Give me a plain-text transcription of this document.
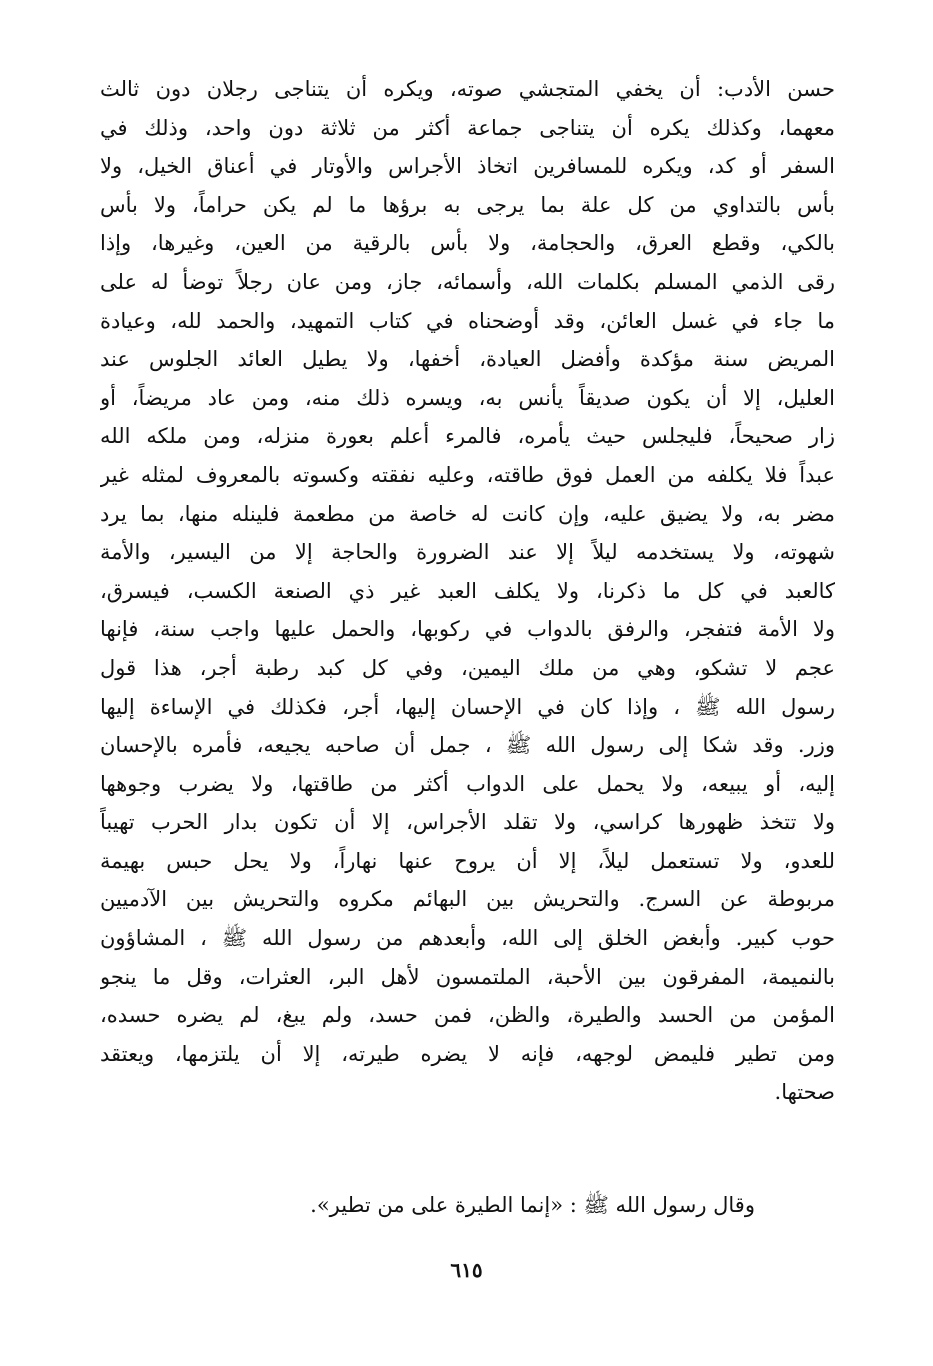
حسن الأدب: أن يخفي المتجشي صوته، ويكره أن يتناجى رجلان دون ثالث
معهما، وكذلك يكره أن يتناجى جماعة أكثر من ثلاثة دون واحد، وذلك في
السفر أو كد، ويكره للمسافرين اتخاذ الأجراس والأوتار في أعناق الخيل، ولا
بأس بالتداوي من كل علة بما يرجى به برؤها ما لم يكن حراماً، ولا بأس
بالكي، وقطع العرق، والحجامة، ولا بأس بالرقية من العين، وغيرها، وإذا
رقى الذمي المسلم بكلمات الله، وأسمائه، جاز، ومن عان رجلاً توضأ له على
ما جاء في غسل العائن، وقد أوضحناه في كتاب التمهيد، والحمد لله، وعيادة
المريض سنة مؤكدة وأفضل العيادة، أخفها، ولا يطيل العائد الجلوس عند
العليل، إلا أن يكون صديقاً يأنس به، ويسره ذلك منه، ومن عاد مريضاً، أو
زار صحيحاً، فليجلس حيث يأمره، فالمرء أعلم بعورة منزله، ومن ملكه الله
عبداً فلا يكلفه من العمل فوق طاقته، وعليه نفقته وكسوته بالمعروف لمثله غير
مضر به، ولا يضيق عليه، وإن كانت له خاصة من مطعمة فلينله منها، بما يرد
شهوته، ولا يستخدمه ليلاً إلا عند الضرورة والحاجة إلا من اليسير، والأمة
كالعبد في كل ما ذكرنا، ولا يكلف العبد غير ذي الصنعة الكسب، فيسرق،
ولا الأمة فتفجر، والرفق بالدواب في ركوبها، والحمل عليها واجب سنة، فإنها
عجم لا تشكو، وهي من ملك اليمين، وفي كل كبد رطبة أجر، هذا قول
رسول الله ﷺ ، وإذا كان في الإحسان إليها، أجر، فكذلك في الإساءة إليها
وزر. وقد شكا إلى رسول الله ﷺ ، جمل أن صاحبه يجيعه، فأمره بالإحسان
إليه، أو يبيعه، ولا يحمل على الدواب أكثر من طاقتها، ولا يضرب وجوهها
ولا تتخذ ظهورها كراسي، ولا تقلد الأجراس، إلا أن تكون بدار الحرب تهيباً
للعدو، ولا تستعمل ليلاً، إلا أن يروح عنها نهاراً، ولا يحل حبس بهيمة
مربوطة عن السرج. والتحريش بين البهائم مكروه والتحريش بين الآدميين
حوب كبير. وأبغض الخلق إلى الله، وأبعدهم من رسول الله ﷺ ، المشاؤون
بالنميمة، المفرقون بين الأحبة، الملتمسون لأهل البر، العثرات، وقل ما ينجو
المؤمن من الحسد والطيرة، والظن، فمن حسد، ولم يبغ، لم يضره حسده،
ومن تطير فليمض لوجهه، فإنه لا يضره طيرته، إلا أن يلتزمها، ويعتقد
صحتها.
وقال رسول الله ﷺ : «إنما الطيرة على من تطير».
٦١٥
